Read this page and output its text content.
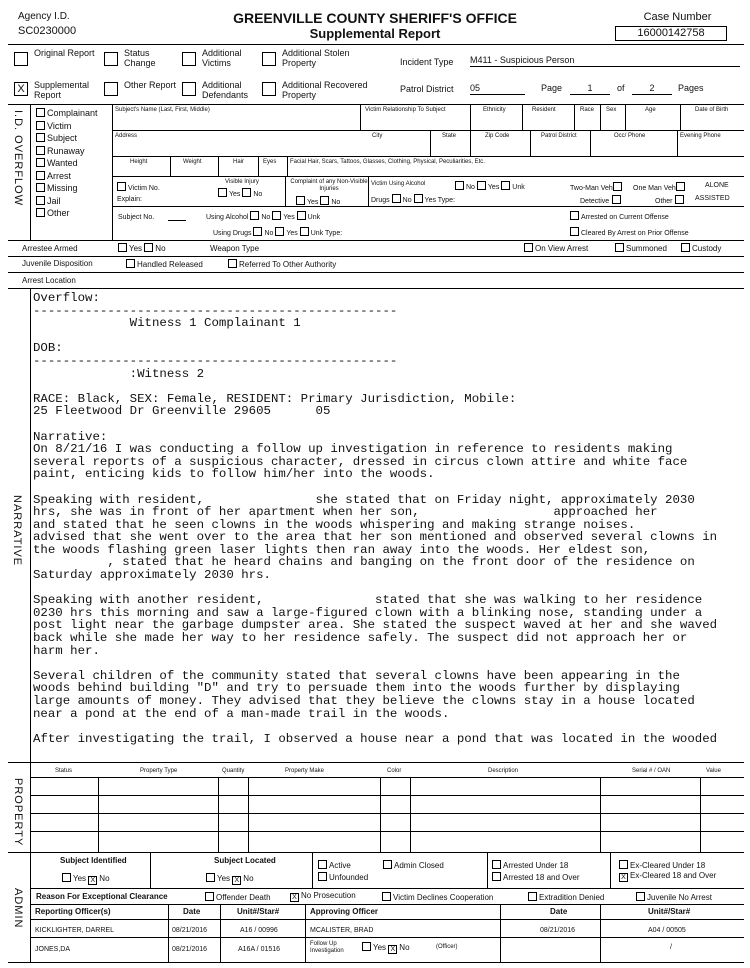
Agency I.D.
SC0230000
GREENVILLE COUNTY SHERIFF'S OFFICE
Supplemental Report
Case Number
16000142758
Original Report	Status Change
Additional Victims
Additional Stolen Property
X	Supplemental Report
Other Report	Additional Defendants
Additional Recovered Property
Incident Type M411 - Suspicious Person
Patrol District 05	Page	1	of	2	Pages
I.D. OVERFLOW	Complainant
Victim
Subject
Runaway
Wanted
Arrest
Missing
Jail
Other
Subject's Name (Last, First, Middle)	Victim Relationship To Subject	Ethnicity	Resident	Race Sex	Age	Date of Birth
Address	City	State	Zip Code	Patrol District	Occ/ Phone	Evening Phone
Height	Weight	Hair	Eyes Facial Hair, Scars, Tattoos, Glasses, Clothing, Physical, Peculiarities, Etc.
Victim No.
Explain:
Visible Injury
Yes No
Complaint of any Non-Visible Injuries
Yes No
Victim Using Alcohol	No Yes Unk
Drugs No Yes Type:
Two-Man Veh	One Man Veh	ALONE
Detective	Other	ASSISTED
Subject No.	Using Alcohol No Yes Unk
Using Drugs No Yes Unk Type:
Arrested on Current Offense
Cleared By Arrest on Prior Offense
Arrestee Armed	Yes No	Weapon Type	On View Arrest	Summoned	Custody
Juvenile Disposition	Handled Released	Referred To Other Authority
Arrest Location
NARRATIVE
Overflow:
-------------------------------------------------
Witness 1 Complainant 1

DOB:
-------------------------------------------------
:Witness 2

RACE: Black, SEX: Female, RESIDENT: Primary Jurisdiction, Mobile:
25 Fleetwood Dr Greenville 29605      05

Narrative:
On 8/21/16 I was conducting a follow up investigation in reference to residents making
several reports of a suspicious character, dressed in circus clown attire and white face
paint, enticing kids to follow him/her into the woods.

Speaking with resident,               she stated that on Friday night, approximately 2030
hrs, she was in front of her apartment when her son,                  approached her
and stated that he seen clowns in the woods whispering and making strange noises.
advised that she went over to the area that her son mentioned and observed several clowns in
the woods flashing green laser lights then ran away into the woods. Her eldest son,
, stated that he heard chains and banging on the front door of the residence on
Saturday approximately 2030 hrs.

Speaking with another resident,               stated that she was walking to her residence
0230 hrs this morning and saw a large-figured clown with a blinking nose, standing under a
post light near the garbage dumpster area. She stated the suspect waved at her and she waved
back while she made her way to her residence safely. The suspect did not approach her or
harm her.

Several children of the community stated that several clowns have been appearing in the
woods behind building "D" and try to persuade them into the woods further by displaying
large amounts of money. They advised that they believe the clowns stay in a house located
near a pond at the end of a man-made trail in the woods.

After investigating the trail, I observed a house near a pond that was located in the wooded
PROPERTY
Status	Property Type	Quantity	Property Make	Color	Description	Serial # / OAN	Value
ADMIN
Subject Identified
Yes X No
Subject Located
Yes X No
Active
Unfounded
Admin Closed	Arrested Under 18
Arrested 18 and Over
Ex-Cleared Under 18
X Ex-Cleared 18 and Over
Reason For Exceptional Clearance	Offender Death	X No Prosecution	Victim Declines Cooperation	Extradition Denied	Juvenile No Arrest
Reporting Officer(s)	Date	Unit#/Star#	Approving Officer	Date	Unit#/Star#
KICKLIGHTER, DARREL	08/21/2016	A16 / 00996	MCALISTER, BRAD	08/21/2016	A04 / 00505
JONES,DA	08/21/2016	A16A / 01516
Follow Up Investigation	Yes X No	(Officer)	/
